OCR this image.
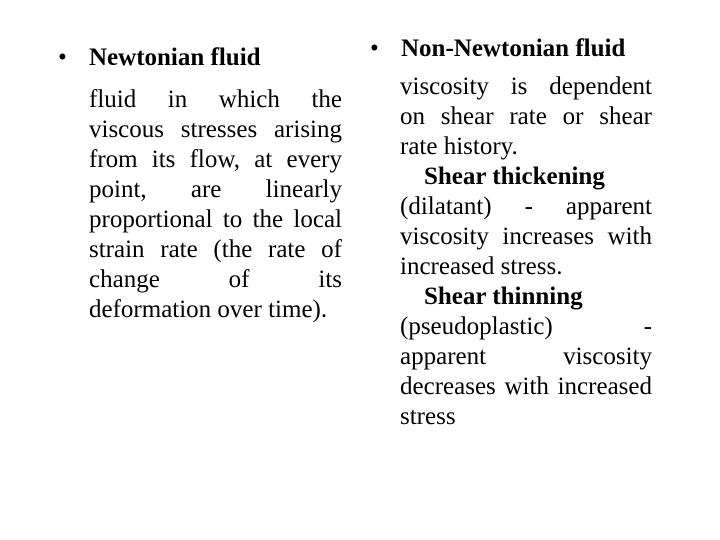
• Newtonian fluid
fluid in which the viscous stresses arising from its flow, at every point, are linearly proportional to the local strain rate (the rate of change of its deformation over time).
• Non-Newtonian fluid
viscosity is dependent on shear rate or shear rate history.
Shear thickening
(dilatant) - apparent viscosity increases with increased stress.
Shear thinning
(pseudoplastic) - apparent viscosity decreases with increased stress
